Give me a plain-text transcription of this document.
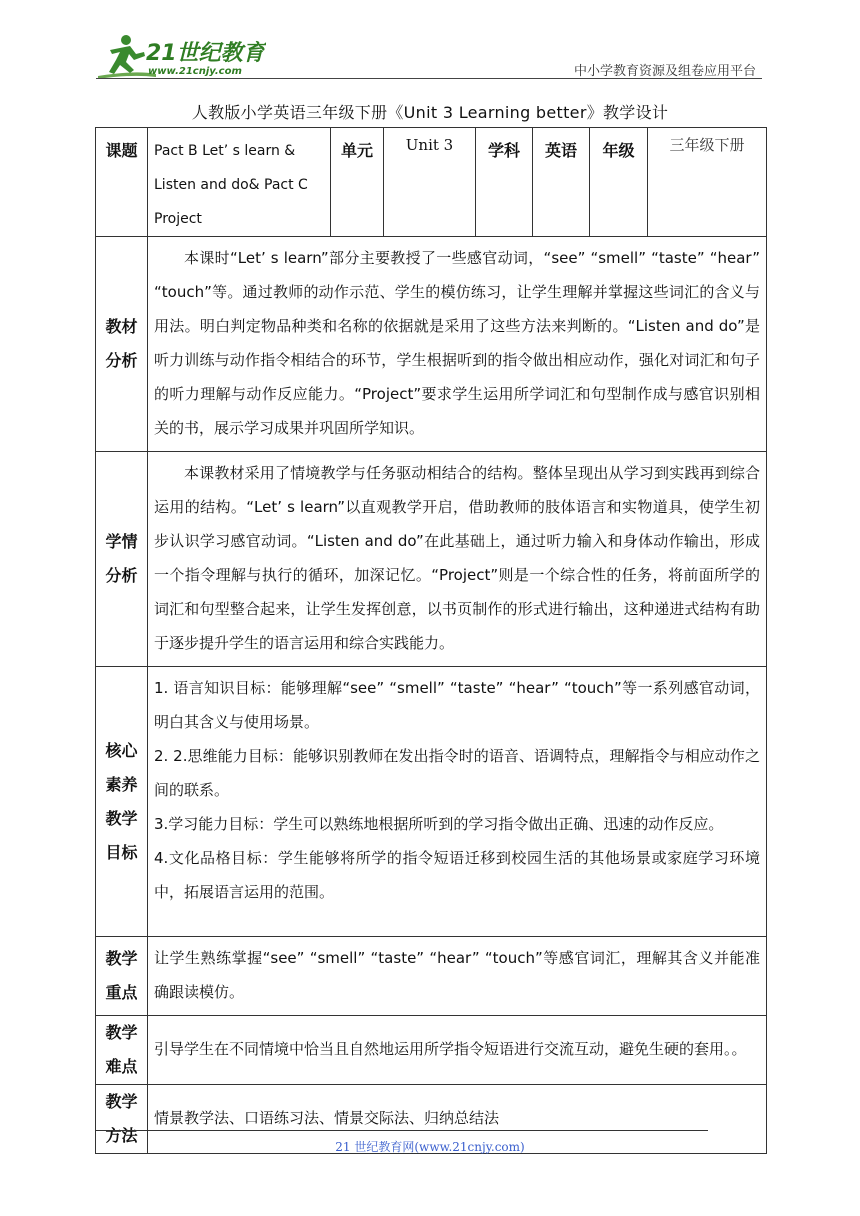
21世纪教育
www.21cnjy.com	中小学教育资源及组卷应用平台
人教版小学英语三年级下册《Unit 3 Learning better》教学设计
课题	Pact B Let’ s learn & Listen and do& Pact C Project	单元	Unit 3	学科	英语	年级	三年级下册

教材分析	本课时“Let’ s learn”部分主要教授了一些感官动词，“see” “smell” “taste” “hear” “touch”等。通过教师的动作示范、学生的模仿练习，让学生理解并掌握这些词汇的含义与用法。明白判定物品种类和名称的依据就是采用了这些方法来判断的。“Listen and do”是听力训练与动作指令相结合的环节，学生根据听到的指令做出相应动作，强化对词汇和句子的听力理解与动作反应能力。“Project”要求学生运用所学词汇和句型制作成与感官识别相关的书，展示学习成果并巩固所学知识。						

学情分析	本课教材采用了情境教学与任务驱动相结合的结构。整体呈现出从学习到实践再到综合运用的结构。“Let’ s learn”以直观教学开启，借助教师的肢体语言和实物道具，使学生初步认识学习感官动词。“Listen and do”在此基础上，通过听力输入和身体动作输出，形成一个指令理解与执行的循环，加深记忆。“Project”则是一个综合性的任务，将前面所学的词汇和句型整合起来，让学生发挥创意，以书页制作的形式进行输出，这种递进式结构有助于逐步提升学生的语言运用和综合实践能力。						

核心素养教学目标	1. 语言知识目标：能够理解“see” “smell” “taste” “hear” “touch”等一系列感官动词，明白其含义与使用场景。

2. 2.思维能力目标：能够识别教师在发出指令时的语音、语调特点，理解指令与相应动作之间的联系。

3.学习能力目标：学生可以熟练地根据所听到的学习指令做出正确、迅速的动作反应。

4.文化品格目标：学生能够将所学的指令短语迁移到校园生活的其他场景或家庭学习环境中，拓展语言运用的范围。						

教学重点	让学生熟练掌握“see” “smell” “taste” “hear” “touch”等感官词汇，理解其含义并能准确跟读模仿。						

教学难点	引导学生在不同情境中恰当且自然地运用所学指令短语进行交流互动，避免生硬的套用。。						

教学方法	情景教学法、口语练习法、情景交际法、归纳总结法						
21 世纪教育网(www.21cnjy.com)
